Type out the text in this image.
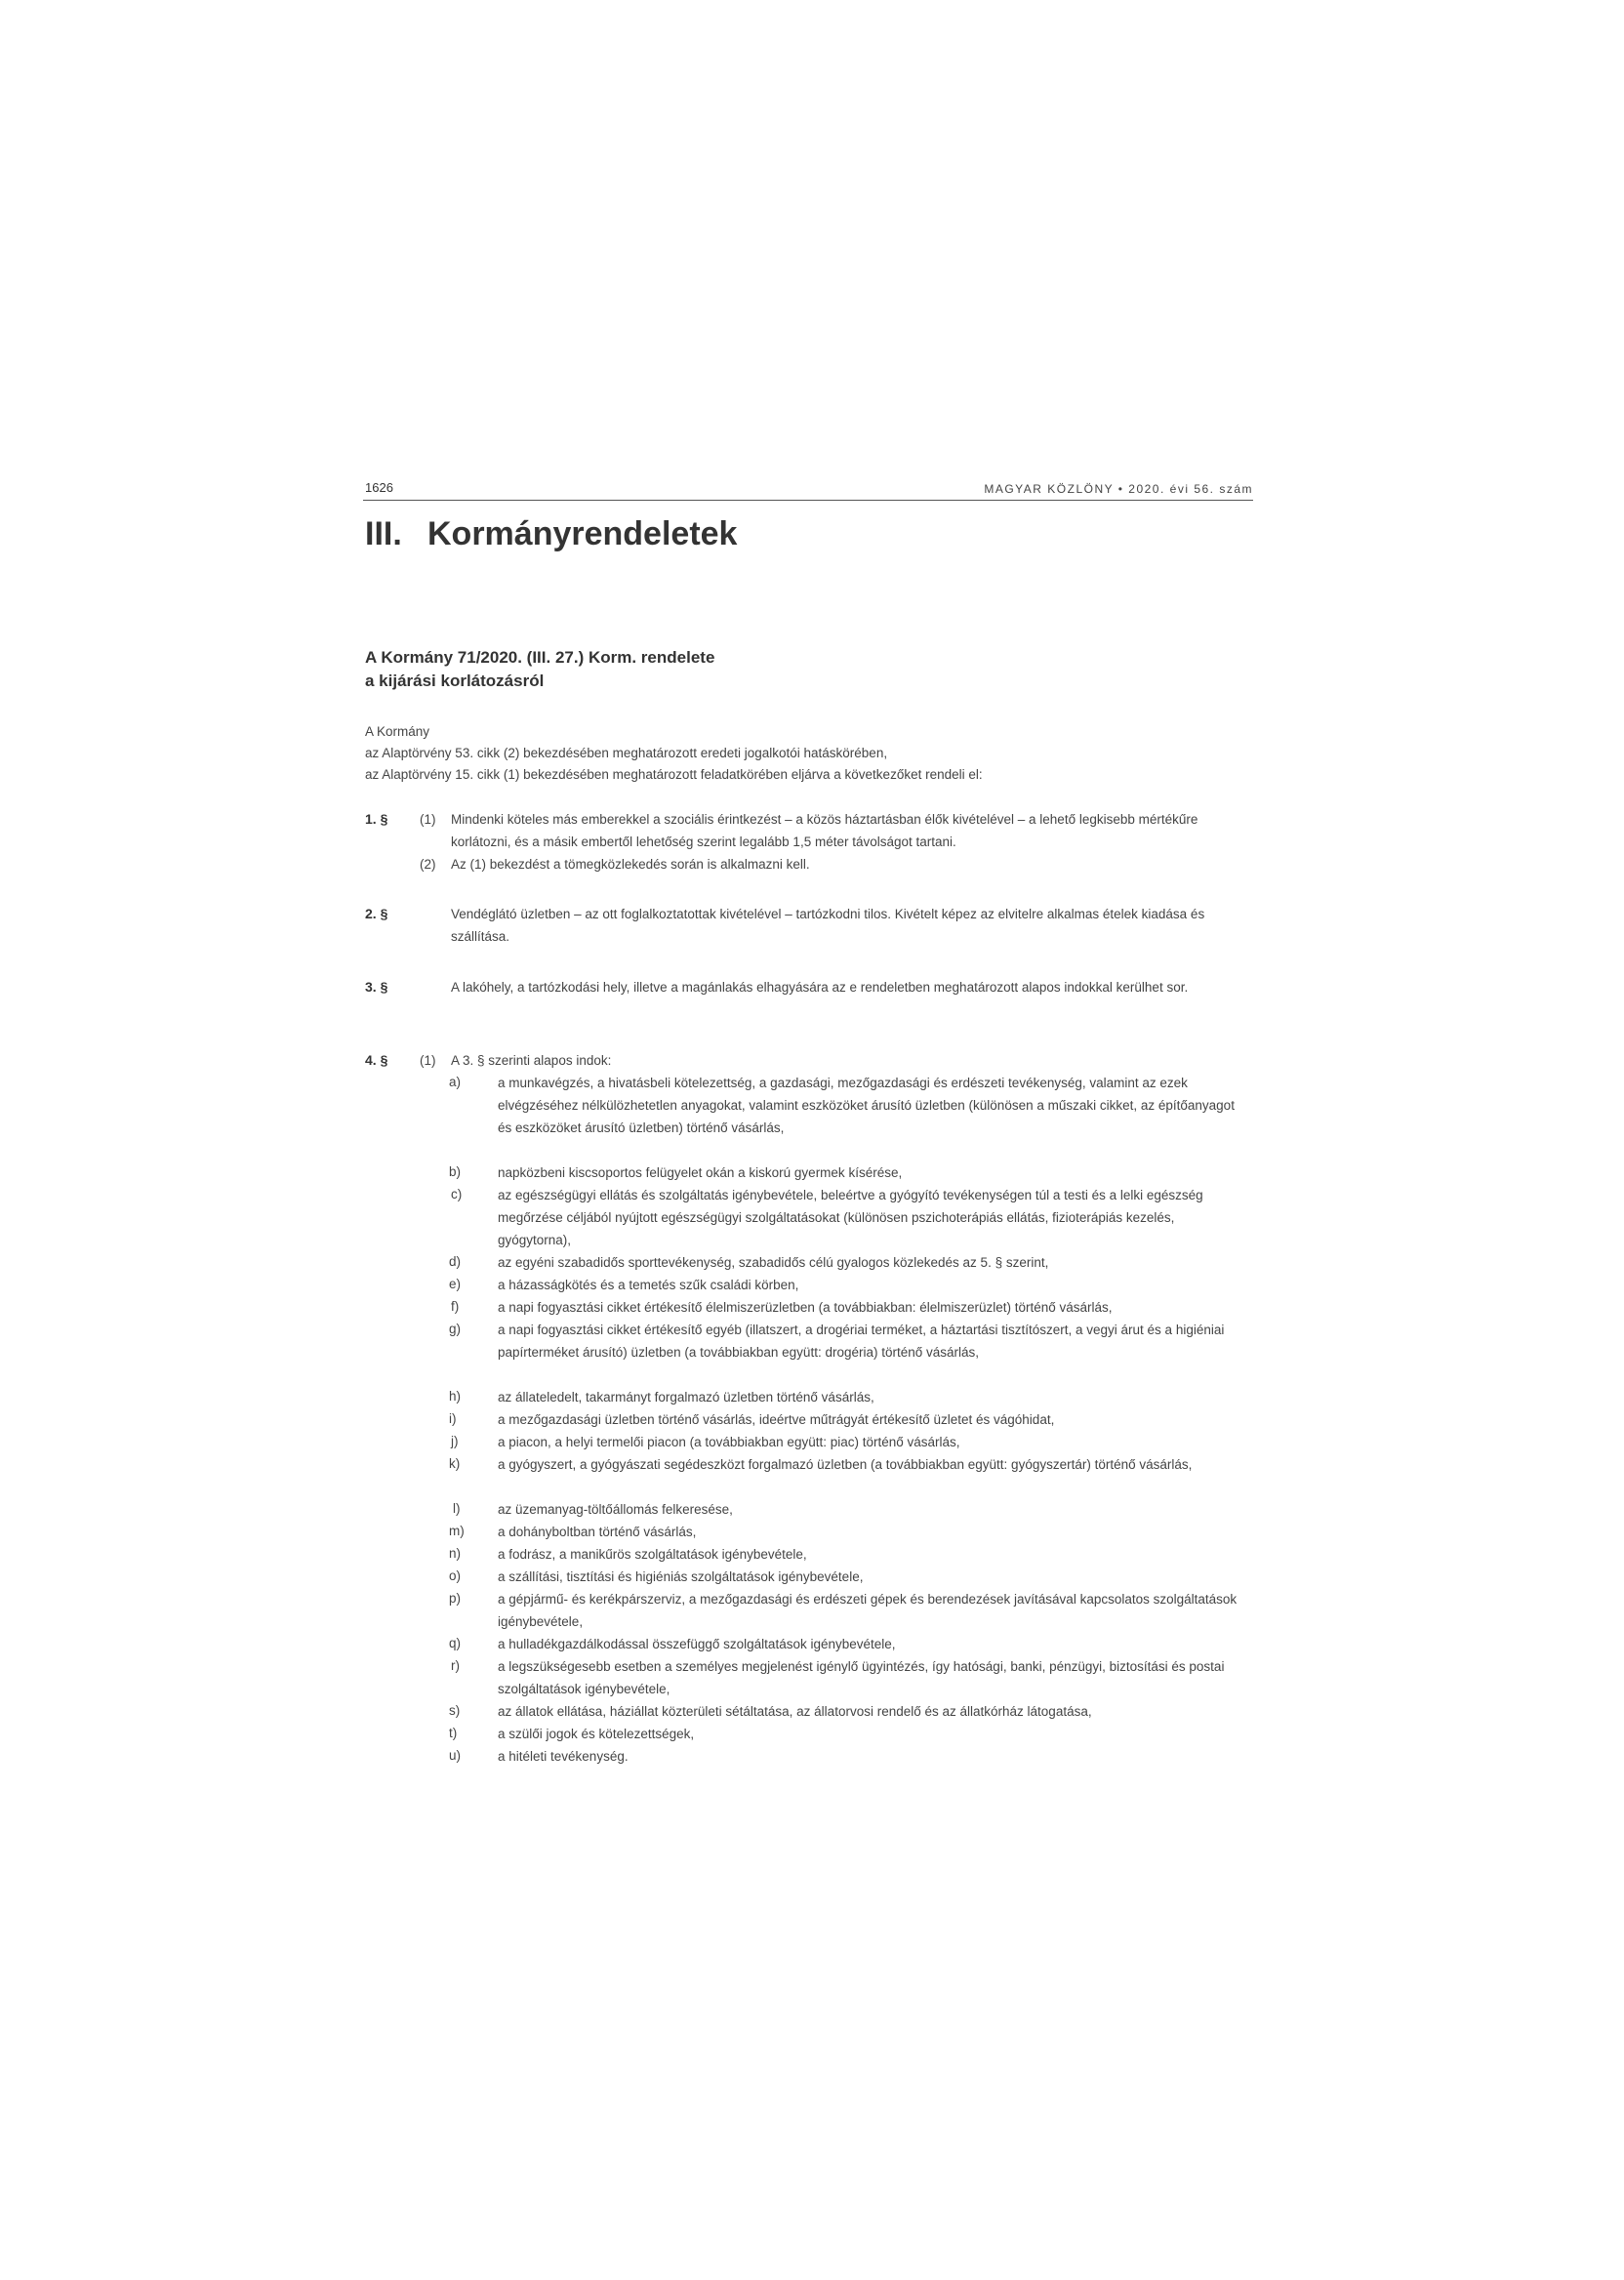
1626	MAGYAR KÖZLÖNY • 2020. évi 56. szám
III. Kormányrendeletek
A Kormány 71/2020. (III. 27.) Korm. rendelete
a kijárási korlátozásról
A Kormány
az Alaptörvény 53. cikk (2) bekezdésében meghatározott eredeti jogalkotói hatáskörében,
az Alaptörvény 15. cikk (1) bekezdésében meghatározott feladatkörében eljárva a következőket rendeli el:
1. § (1) Mindenki köteles más emberekkel a szociális érintkezést – a közös háztartásban élők kivételével – a lehető legkisebb mértékűre korlátozni, és a másik embertől lehetőség szerint legalább 1,5 méter távolságot tartani.
(2) Az (1) bekezdést a tömegközlekedés során is alkalmazni kell.
2. §	Vendéglátó üzletben – az ott foglalkoztatottak kivételével – tartózkodni tilos. Kivételt képez az elvitelre alkalmas ételek kiadása és szállítása.
3. §	A lakóhely, a tartózkodási hely, illetve a magánlakás elhagyására az e rendeletben meghatározott alapos indokkal kerülhet sor.
4. § (1) A 3. § szerinti alapos indok:
a)	a munkavégzés, a hivatásbeli kötelezettség, a gazdasági, mezőgazdasági és erdészeti tevékenység, valamint az ezek elvégzéséhez nélkülözhetetlen anyagokat, valamint eszközöket árusító üzletben (különösen a műszaki cikket, az építőanyagot és eszközöket árusító üzletben) történő vásárlás,
b)	napközbeni kiscsoportos felügyelet okán a kiskorú gyermek kísérése,
c)	az egészségügyi ellátás és szolgáltatás igénybevétele, beleértve a gyógyító tevékenységen túl a testi és a lelki egészség megőrzése céljából nyújtott egészségügyi szolgáltatásokat (különösen pszichoterápiás ellátás, fizioterápiás kezelés, gyógytorna),
d)	az egyéni szabadidős sporttevékenység, szabadidős célú gyalogos közlekedés az 5. § szerint,
e)	a házasságkötés és a temetés szűk családi körben,
f)	a napi fogyasztási cikket értékesítő élelmiszerüzletben (a továbbiakban: élelmiszerüzlet) történő vásárlás,
g)	a napi fogyasztási cikket értékesítő egyéb (illatszert, a drogériai terméket, a háztartási tisztítószert, a vegyi árut és a higiéniai papírterméket árusító) üzletben (a továbbiakban együtt: drogéria) történő vásárlás,
h)	az állateledelt, takarmányt forgalmazó üzletben történő vásárlás,
i)	a mezőgazdasági üzletben történő vásárlás, ideértve műtrágyát értékesítő üzletet és vágóhidat,
j)	a piacon, a helyi termelői piacon (a továbbiakban együtt: piac) történő vásárlás,
k)	a gyógyszert, a gyógyászati segédeszközt forgalmazó üzletben (a továbbiakban együtt: gyógyszertár) történő vásárlás,
l)	az üzemanyag-töltőállomás felkeresése,
m)	a dohányboltban történő vásárlás,
n)	a fodrász, a manikűrös szolgáltatások igénybevétele,
o)	a szállítási, tisztítási és higiéniás szolgáltatások igénybevétele,
p)	a gépjármű- és kerékpárszerviz, a mezőgazdasági és erdészeti gépek és berendezések javításával kapcsolatos szolgáltatások igénybevétele,
q)	a hulladékgazdálkodással összefüggő szolgáltatások igénybevétele,
r)	a legszükségesebb esetben a személyes megjelenést igénylő ügyintézés, így hatósági, banki, pénzügyi, biztosítási és postai szolgáltatások igénybevétele,
s)	az állatok ellátása, háziállat közterületi sétáltatása, az állatorvosi rendelő és az állatkórház látogatása,
t)	a szülői jogok és kötelezettségek,
u)	a hitéleti tevékenység.
